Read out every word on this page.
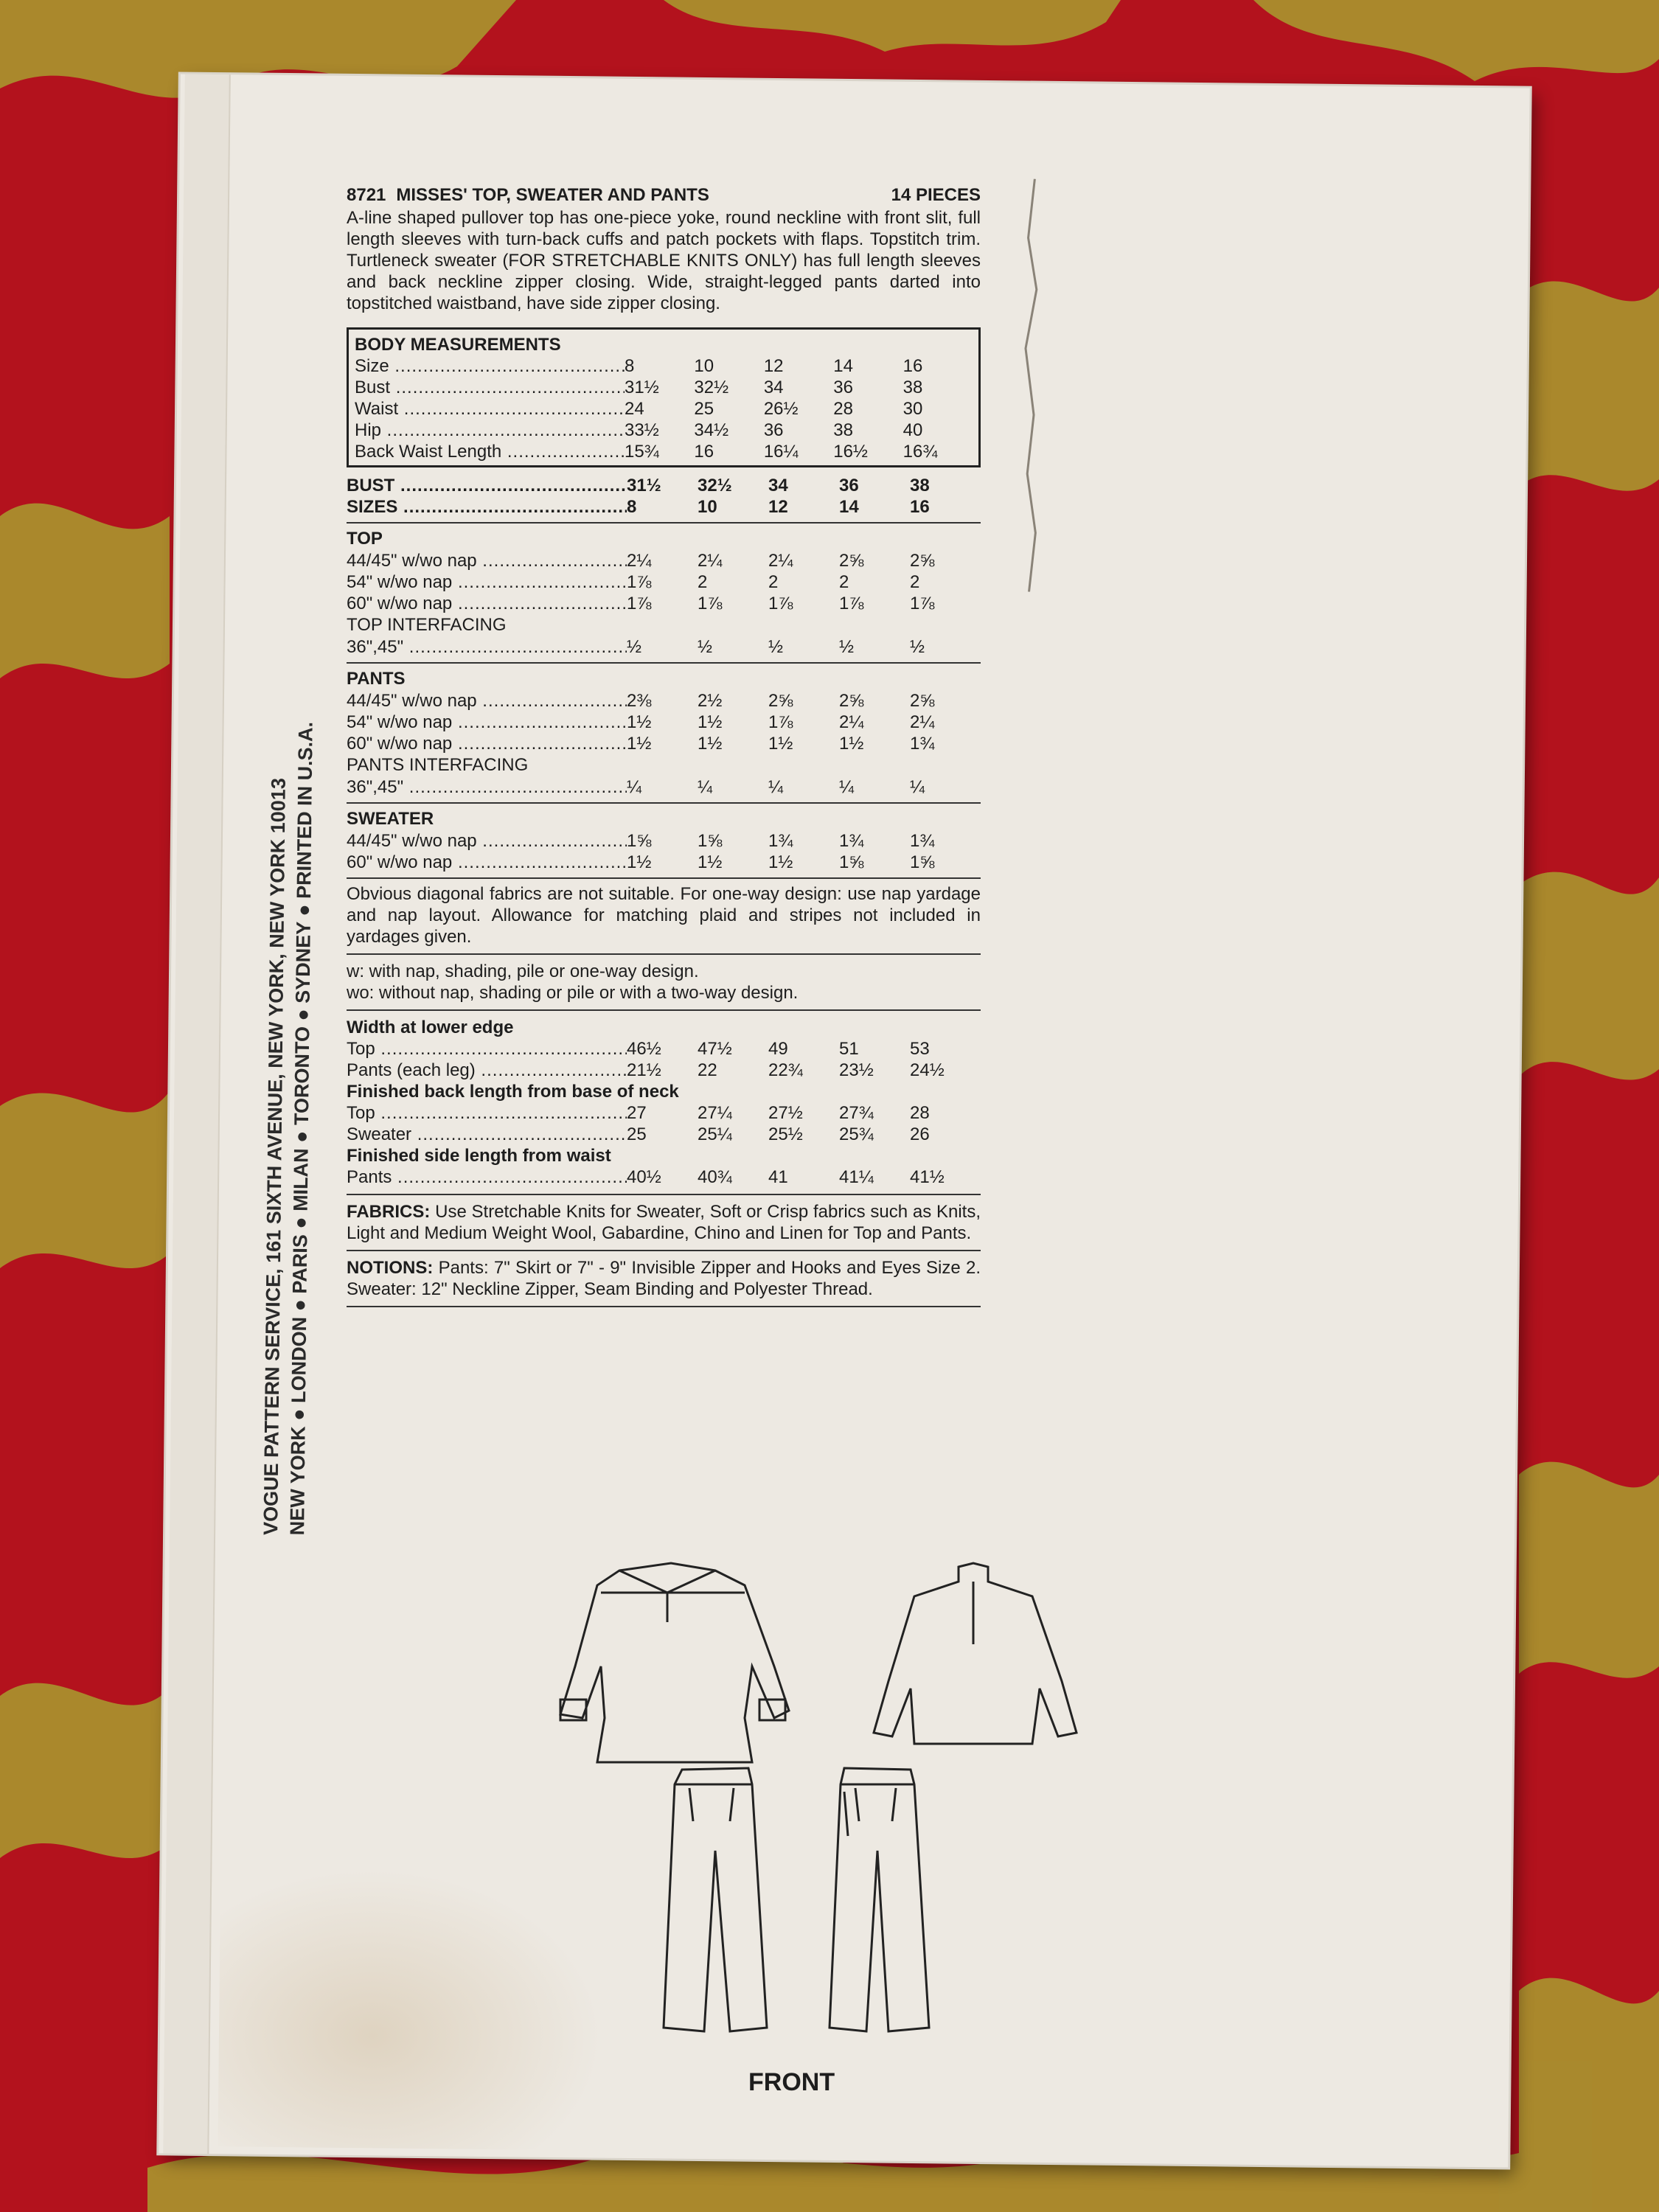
VOGUE PATTERN SERVICE, 161 SIXTH AVENUE, NEW YORK, NEW YORK 10013
NEW YORK ● LONDON ● PARIS ● MILAN ● TORONTO ● SYDNEY ● PRINTED IN U.S.A.
8721 MISSES' TOP, SWEATER AND PANTS	14 PIECES
A-line shaped pullover top has one-piece yoke, round neckline with front slit, full length sleeves with turn-back cuffs and patch pockets with flaps. Topstitch trim. Turtleneck sweater (FOR STRETCHABLE KNITS ONLY) has full length sleeves and back neckline zipper closing. Wide, straight-legged pants darted into topstitched waistband, have side zipper closing.
BODY MEASUREMENTS
Size .....	8	10	12	14	16
Bust .....	31½	32½	34	36	38
Waist .....	24	25	26½	28	30
Hip .....	33½	34½	36	38	40
Back Waist Length .....	15¾	16	16¼	16½	16¾
BUST .....	31½	32½	34	36	38
SIZES .....	8	10	12	14	16
TOP
44/45" w/wo nap .....	2¼	2¼	2¼	2⅝	2⅝
54" w/wo nap .....	1⅞	2	2	2	2
60" w/wo nap .....	1⅞	1⅞	1⅞	1⅞	1⅞
TOP INTERFACING
36",45" .....	½	½	½	½	½
PANTS
44/45" w/wo nap .....	2⅜	2½	2⅝	2⅝	2⅝
54" w/wo nap .....	1½	1½	1⅞	2¼	2¼
60" w/wo nap .....	1½	1½	1½	1½	1¾
PANTS INTERFACING
36",45" .....	¼	¼	¼	¼	¼
SWEATER
44/45" w/wo nap .....	1⅝	1⅝	1¾	1¾	1¾
60" w/wo nap .....	1½	1½	1½	1⅝	1⅝
Obvious diagonal fabrics are not suitable. For one-way design: use nap yardage and nap layout. Allowance for matching plaid and stripes not included in yardages given.
w: with nap, shading, pile or one-way design.
wo: without nap, shading or pile or with a two-way design.
Width at lower edge
Top .....	46½	47½	49	51	53
Pants (each leg) .....	21½	22	22¾	23½	24½
Finished back length from base of neck
Top .....	27	27¼	27½	27¾	28
Sweater .....	25	25¼	25½	25¾	26
Finished side length from waist
Pants .....	40½	40¾	41	41¼	41½
FABRICS: Use Stretchable Knits for Sweater, Soft or Crisp fabrics such as Knits, Light and Medium Weight Wool, Gabardine, Chino and Linen for Top and Pants.
NOTIONS: Pants: 7" Skirt or 7" - 9" Invisible Zipper and Hooks and Eyes Size 2. Sweater: 12" Neckline Zipper, Seam Binding and Polyester Thread.
FRONT
